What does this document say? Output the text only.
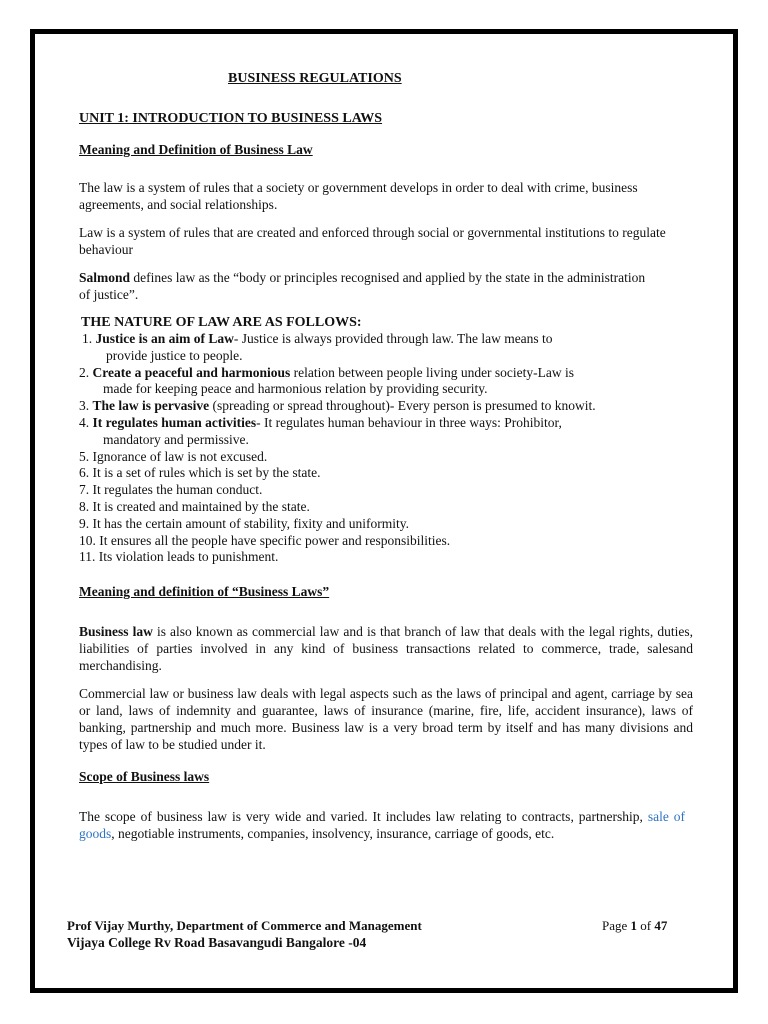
BUSINESS REGULATIONS
UNIT 1: INTRODUCTION TO BUSINESS LAWS
Meaning and Definition of Business Law
The law is a system of rules that a society or government develops in order to deal with crime, business agreements, and social relationships.
Law is a system of rules that are created and enforced through social or governmental institutions to regulate behaviour
Salmond defines law as the “body or principles recognised and applied by the state in the administration of justice”.
THE NATURE OF LAW ARE AS FOLLOWS:
1. Justice is an aim of Law- Justice is always provided through law. The law means to
provide justice to people.
2. Create a peaceful and harmonious relation between people living under society-Law is
made for keeping peace and harmonious relation by providing security.
3. The law is pervasive (spreading or spread throughout)- Every person is presumed to knowit.
4. It regulates human activities- It regulates human behaviour in three ways: Prohibitor,
mandatory and permissive.
5. Ignorance of law is not excused.
6. It is a set of rules which is set by the state.
7. It regulates the human conduct.
8. It is created and maintained by the state.
9. It has the certain amount of stability, fixity and uniformity.
10. It ensures all the people have specific power and responsibilities.
11. Its violation leads to punishment.
Meaning and definition of “Business Laws”
Business law is also known as commercial law and is that branch of law that deals with the legal rights, duties, liabilities of parties involved in any kind of business transactions related to commerce, trade, salesand merchandising.
Commercial law or business law deals with legal aspects such as the laws of principal and agent, carriage by sea or land, laws of indemnity and guarantee, laws of insurance (marine, fire, life, accident insurance), laws of banking, partnership and much more. Business law is a very broad term by itself and has many divisions and types of law to be studied under it.
Scope of Business laws
The scope of business law is very wide and varied. It includes law relating to contracts, partnership, sale of goods, negotiable instruments, companies, insolvency, insurance, carriage of goods, etc.
Prof Vijay Murthy, Department of Commerce and Management	Page 1 of 47
Vijaya College Rv Road Basavangudi Bangalore -04
